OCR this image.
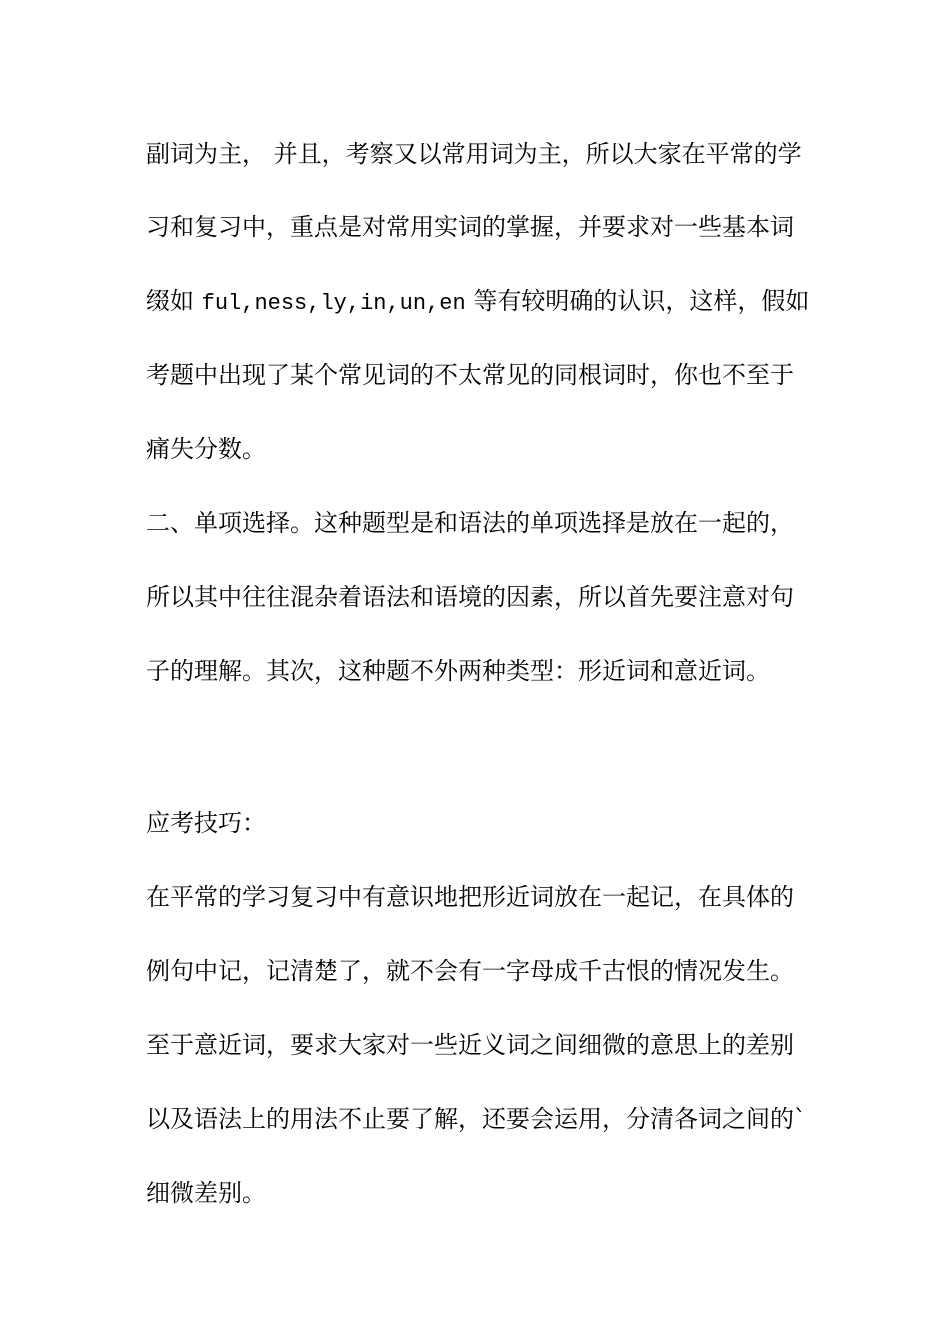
副词为主， 并且，考察又以常用词为主，所以大家在平常的学
习和复习中，重点是对常用实词的掌握，并要求对一些基本词
缀如 ful,ness,ly,in,un,en 等有较明确的认识，这样，假如
考题中出现了某个常见词的不太常见的同根词时，你也不至于
痛失分数。
二、单项选择。这种题型是和语法的单项选择是放在一起的，
所以其中往往混杂着语法和语境的因素，所以首先要注意对句
子的理解。其次，这种题不外两种类型：形近词和意近词。
应考技巧：
在平常的学习复习中有意识地把形近词放在一起记，在具体的
例句中记，记清楚了，就不会有一字母成千古恨的情况发生。
至于意近词，要求大家对一些近义词之间细微的意思上的差别
以及语法上的用法不止要了解，还要会运用，分清各词之间的`
细微差别。
